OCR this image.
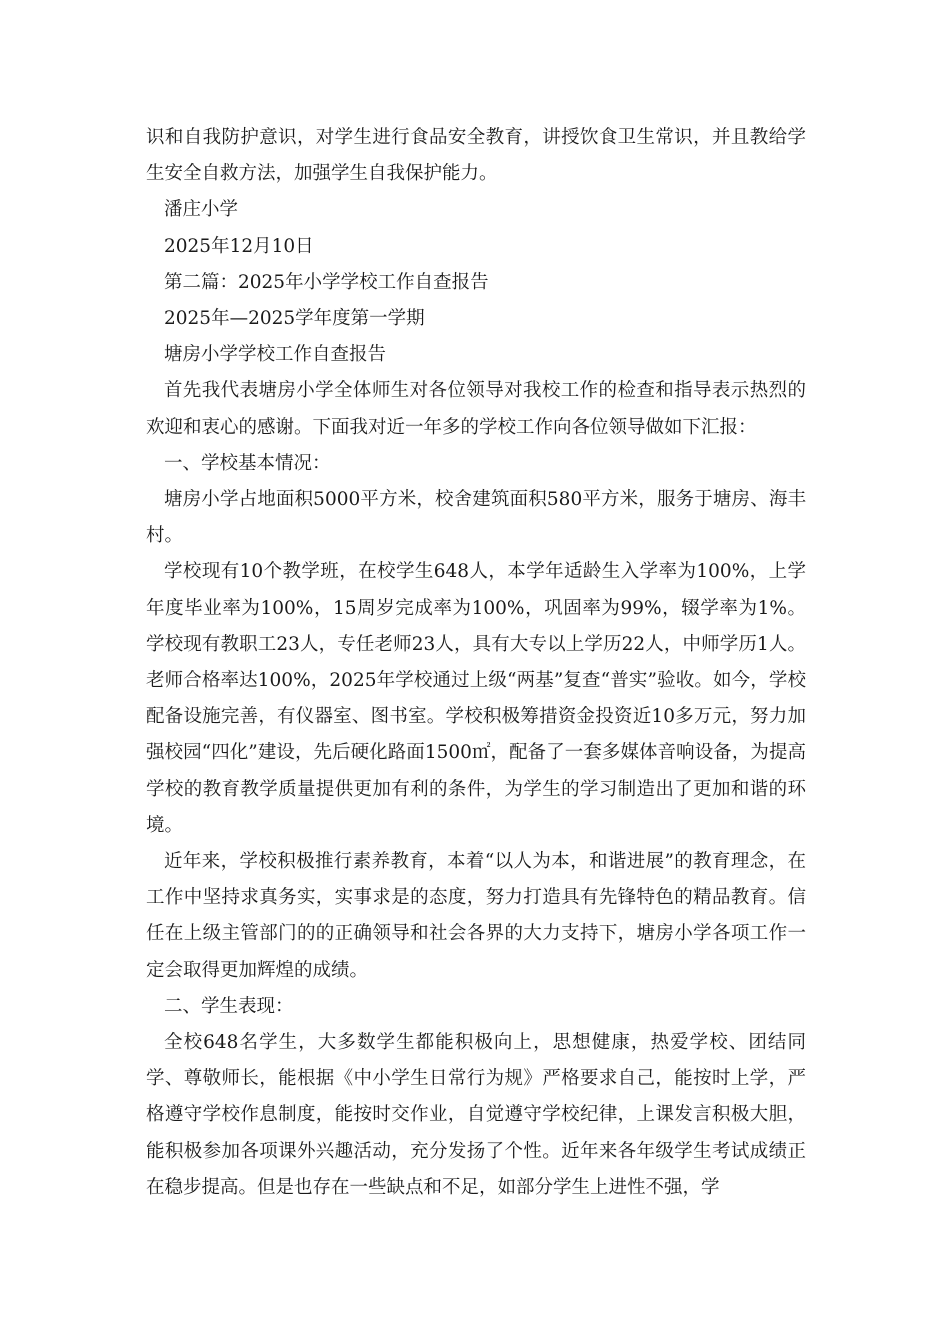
识和自我防护意识，对学生进行食品安全教育，讲授饮食卫生常识，并且教给学生安全自救方法，加强学生自我保护能力。

潘庄小学

2025年12月10日

第二篇：2025年小学学校工作自查报告

2025年—2025学年度第一学期

塘房小学学校工作自查报告

首先我代表塘房小学全体师生对各位领导对我校工作的检查和指导表示热烈的欢迎和衷心的感谢。下面我对近一年多的学校工作向各位领导做如下汇报：

一、学校基本情况：

塘房小学占地面积5000平方米，校舍建筑面积580平方米，服务于塘房、海丰村。

学校现有10个教学班，在校学生648人，本学年适龄生入学率为100%，上学年度毕业率为100%，15周岁完成率为100%，巩固率为99%，辍学率为1%。学校现有教职工23人，专任老师23人，具有大专以上学历22人，中师学历1人。老师合格率达100%，2025年学校通过上级“两基”复查“普实”验收。如今，学校配备设施完善，有仪器室、图书室。学校积极筹措资金投资近10多万元，努力加强校园“四化”建设，先后硬化路面1500㎡，配备了一套多媒体音响设备，为提高学校的教育教学质量提供更加有利的条件，为学生的学习制造出了更加和谐的环境。

近年来，学校积极推行素养教育，本着“以人为本，和谐进展”的教育理念，在工作中坚持求真务实，实事求是的态度，努力打造具有先锋特色的精品教育。信任在上级主管部门的的正确领导和社会各界的大力支持下，塘房小学各项工作一定会取得更加辉煌的成绩。

二、学生表现：

全校648名学生，大多数学生都能积极向上，思想健康，热爱学校、团结同学、尊敬师长，能根据《中小学生日常行为规》严格要求自己，能按时上学，严格遵守学校作息制度，能按时交作业，自觉遵守学校纪律，上课发言积极大胆，能积极参加各项课外兴趣活动，充分发扬了个性。近年来各年级学生考试成绩正在稳步提高。但是也存在一些缺点和不足，如部分学生上进性不强，学
